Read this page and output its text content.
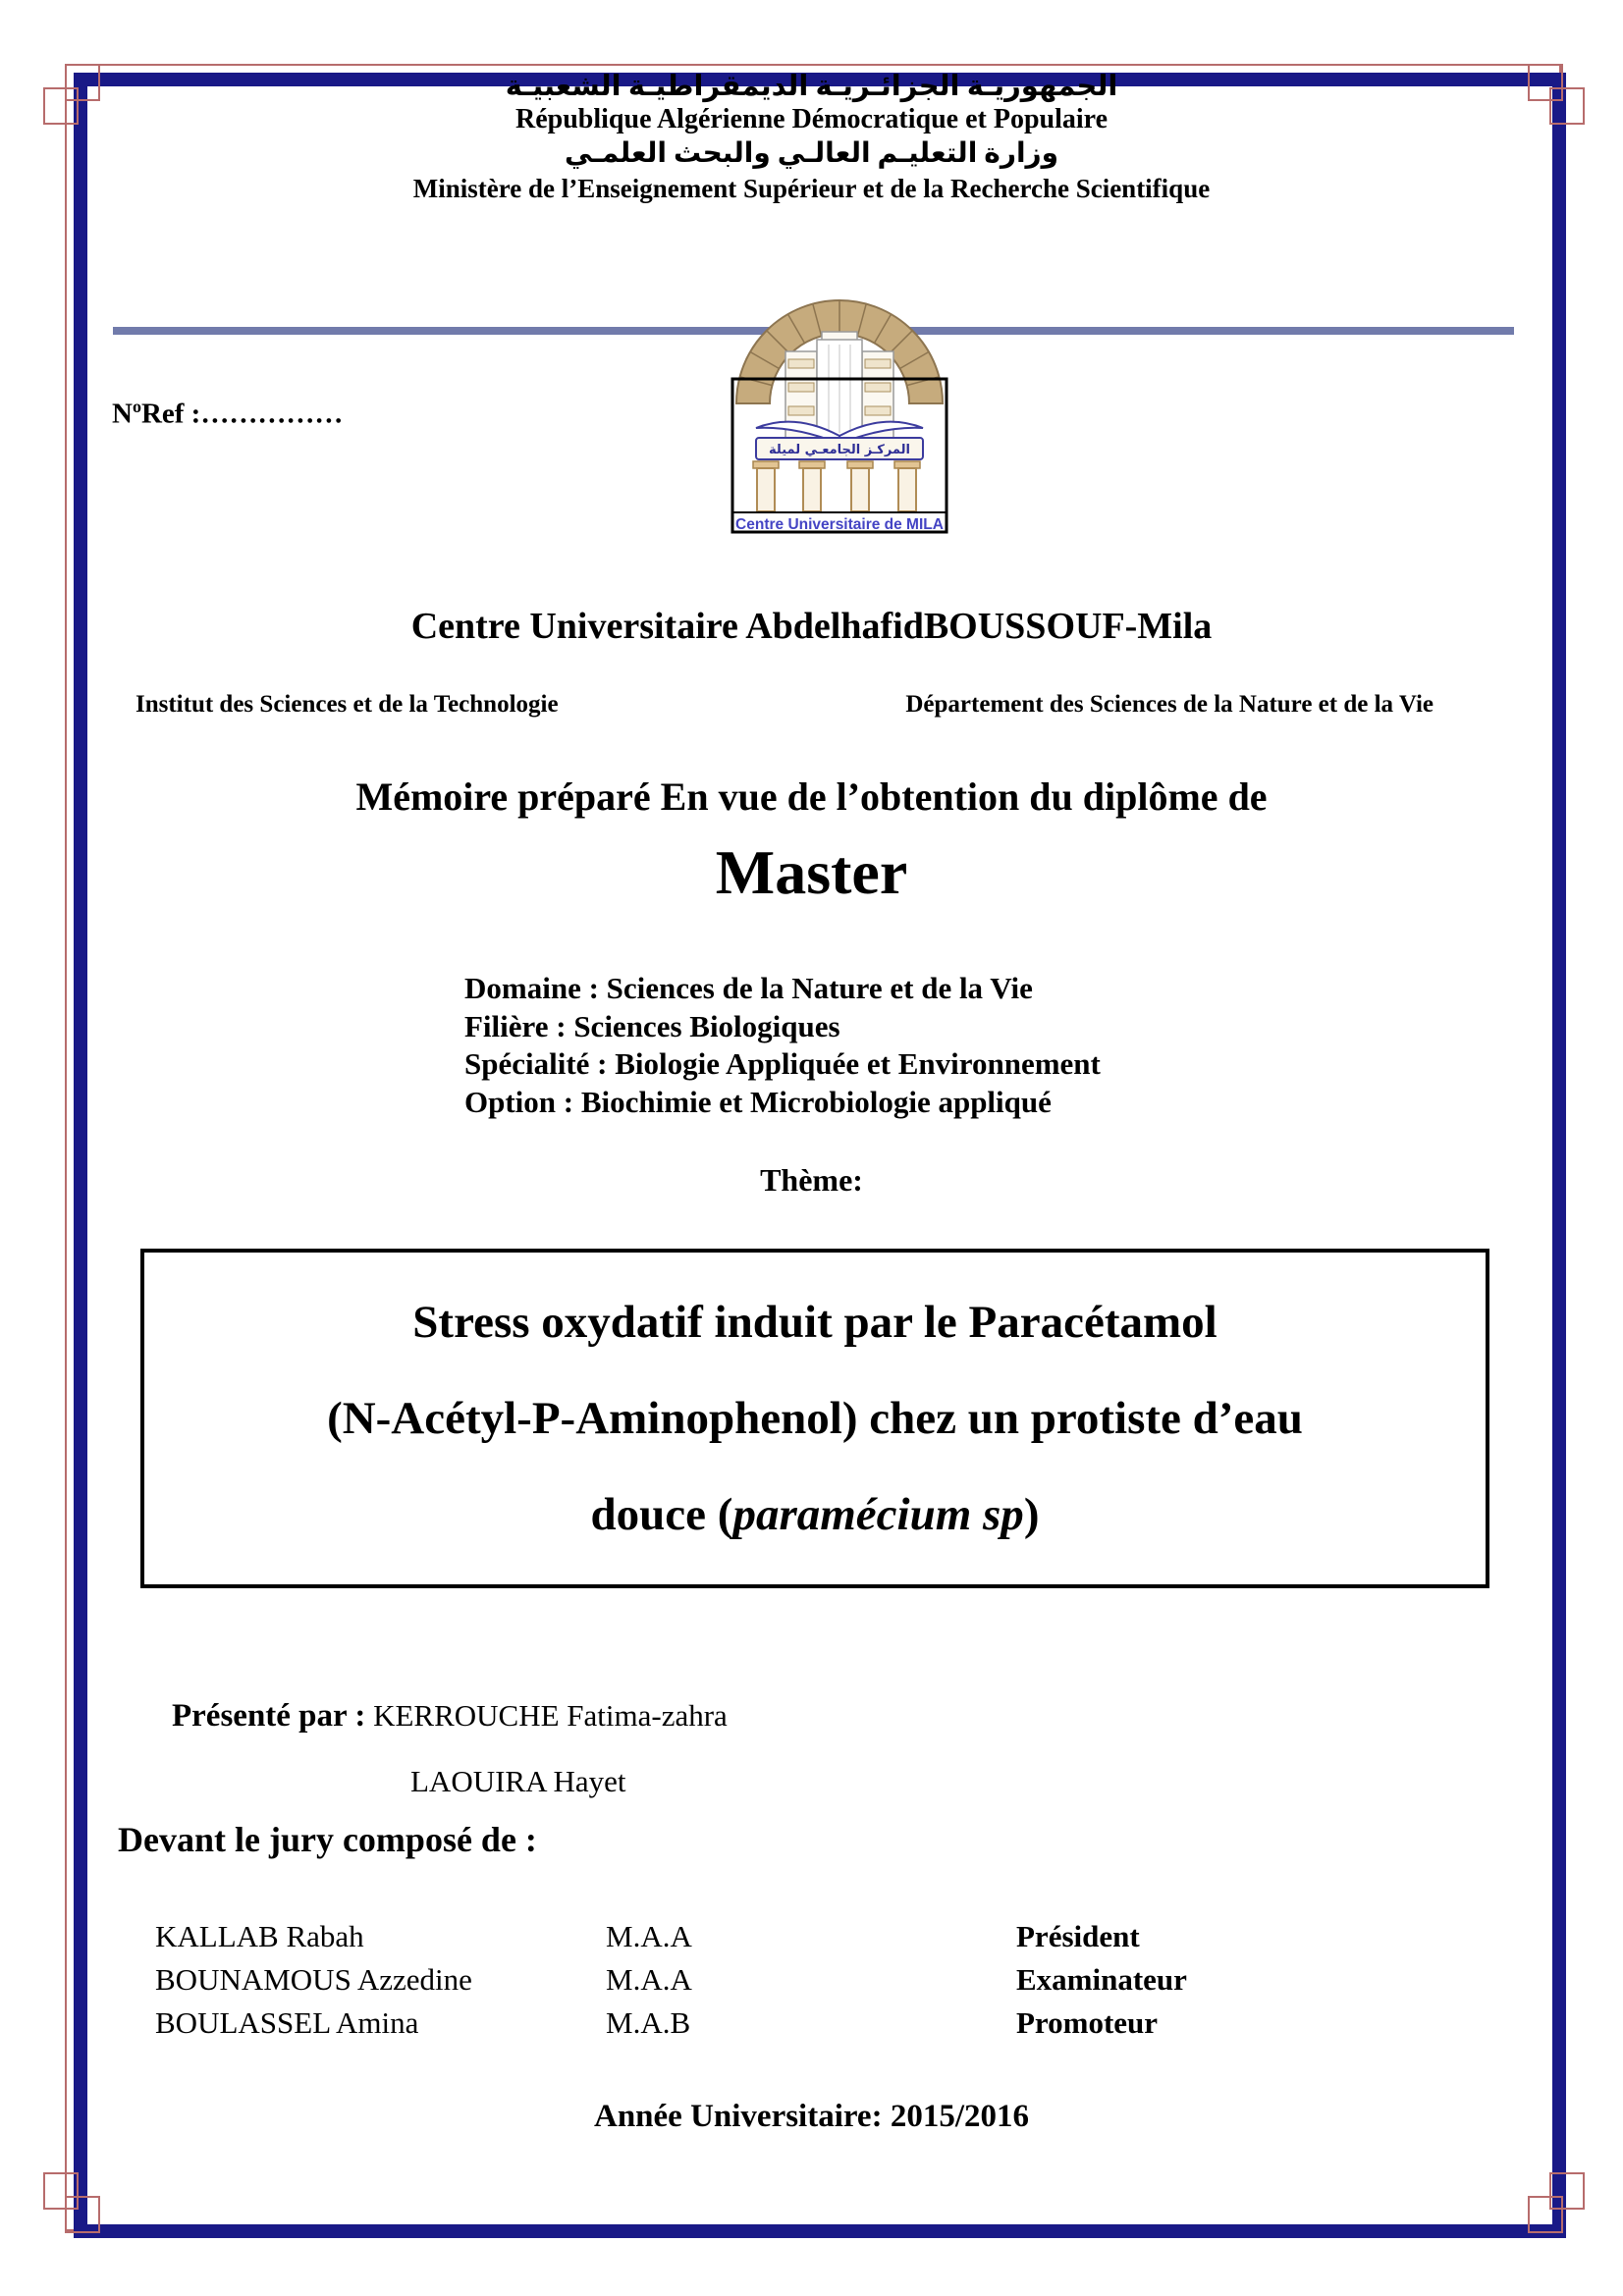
الجمهوريـة الجزائـريـة الديمقراطيـة الشعبيـة
République Algérienne Démocratique et Populaire
وزارة التعليـم العالـي والبحث العلمـي
Ministère de l’Enseignement Supérieur et de la Recherche Scientifique
$N^oRef$ :……………
المركـز الجامعـي لميلة
Centre Universitaire de MILA
Centre Universitaire AbdelhafidBOUSSOUF-Mila
Institut des Sciences et de la Technologie	Département des Sciences de la Nature et de la Vie
Mémoire préparé En vue de l’obtention du diplôme de
Master
Domaine : Sciences de la Nature et de la Vie
Filière : Sciences Biologiques
Spécialité : Biologie Appliquée et Environnement
Option : Biochimie et Microbiologie appliqué
Thème:
Stress oxydatif induit par le Paracétamol
(N-Acétyl-P-Aminophenol) chez un protiste d’eau
douce (paramécium sp)
Présenté par : KERROUCHE Fatima-zahra
LAOUIRA Hayet
Devant le jury composé de :
KALLAB Rabah	M.A.A	Président
BOUNAMOUS Azzedine	M.A.A	Examinateur
BOULASSEL Amina	M.A.B	Promoteur
Année Universitaire: 2015/2016
